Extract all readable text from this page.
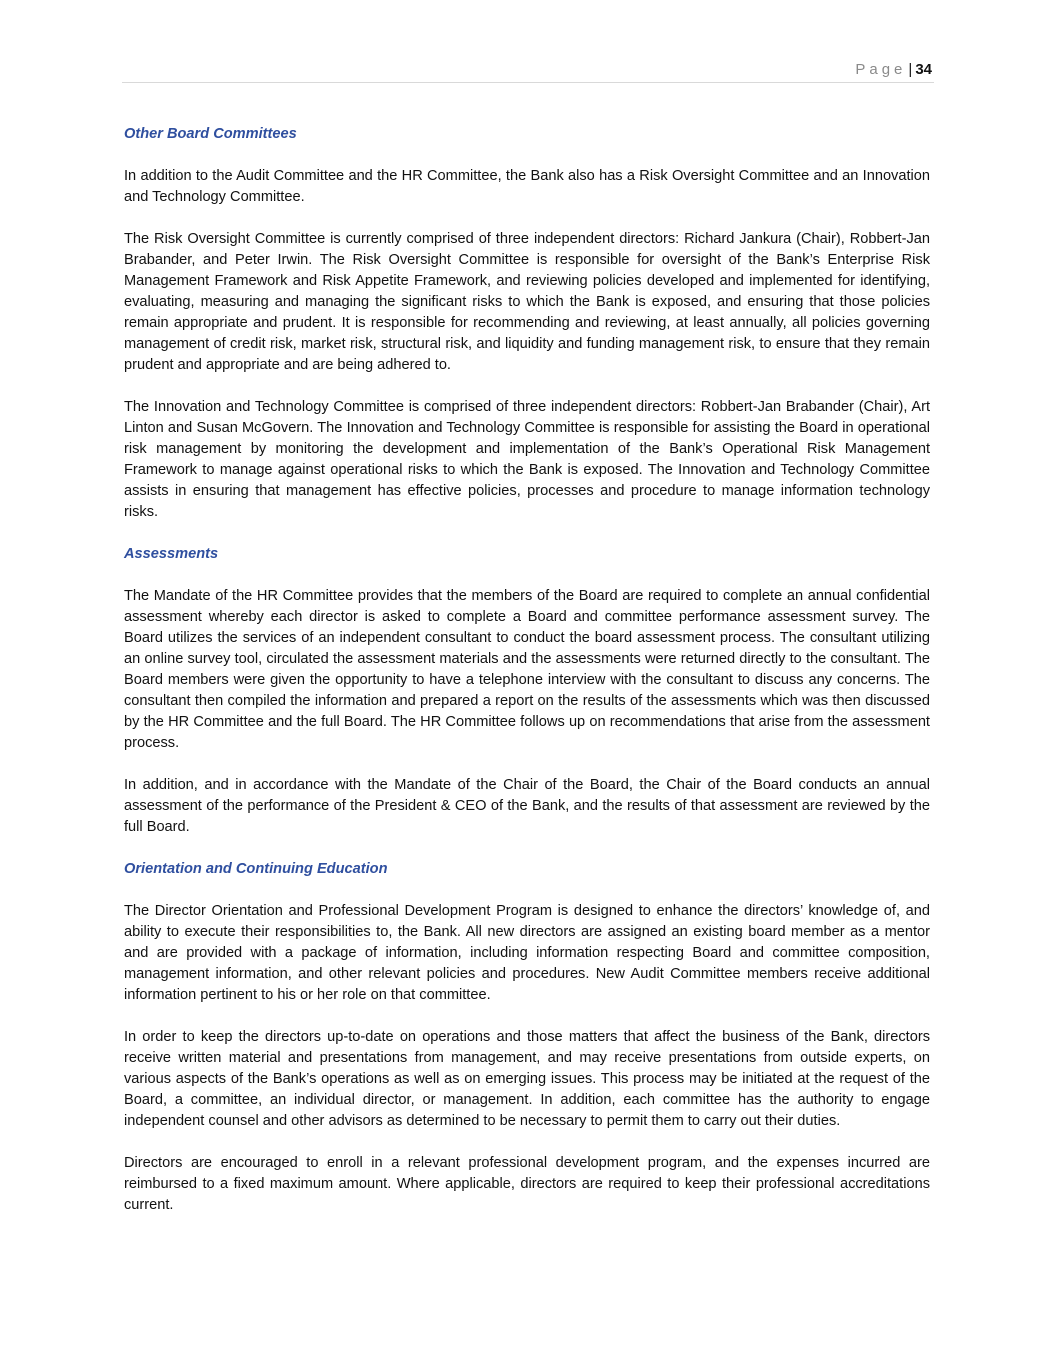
Page | 34
Other Board Committees

In addition to the Audit Committee and the HR Committee, the Bank also has a Risk Oversight Committee and an Innovation and Technology Committee.

The Risk Oversight Committee is currently comprised of three independent directors: Richard Jankura (Chair), Robbert-Jan Brabander, and Peter Irwin. The Risk Oversight Committee is responsible for oversight of the Bank’s Enterprise Risk Management Framework and Risk Appetite Framework, and reviewing policies developed and implemented for identifying, evaluating, measuring and managing the significant risks to which the Bank is exposed, and ensuring that those policies remain appropriate and prudent. It is responsible for recommending and reviewing, at least annually, all policies governing management of credit risk, market risk, structural risk, and liquidity and funding management risk, to ensure that they remain prudent and appropriate and are being adhered to.

The Innovation and Technology Committee is comprised of three independent directors: Robbert-Jan Brabander (Chair), Art Linton and Susan McGovern. The Innovation and Technology Committee is responsible for assisting the Board in operational risk management by monitoring the development and implementation of the Bank’s Operational Risk Management Framework to manage against operational risks to which the Bank is exposed. The Innovation and Technology Committee assists in ensuring that management has effective policies, processes and procedure to manage information technology risks.

Assessments

The Mandate of the HR Committee provides that the members of the Board are required to complete an annual confidential assessment whereby each director is asked to complete a Board and committee performance assessment survey. The Board utilizes the services of an independent consultant to conduct the board assessment process. The consultant utilizing an online survey tool, circulated the assessment materials and the assessments were returned directly to the consultant. The Board members were given the opportunity to have a telephone interview with the consultant to discuss any concerns. The consultant then compiled the information and prepared a report on the results of the assessments which was then discussed by the HR Committee and the full Board. The HR Committee follows up on recommendations that arise from the assessment process.

In addition, and in accordance with the Mandate of the Chair of the Board, the Chair of the Board conducts an annual assessment of the performance of the President & CEO of the Bank, and the results of that assessment are reviewed by the full Board.

Orientation and Continuing Education

The Director Orientation and Professional Development Program is designed to enhance the directors’ knowledge of, and ability to execute their responsibilities to, the Bank. All new directors are assigned an existing board member as a mentor and are provided with a package of information, including information respecting Board and committee composition, management information, and other relevant policies and procedures. New Audit Committee members receive additional information pertinent to his or her role on that committee.

In order to keep the directors up-to-date on operations and those matters that affect the business of the Bank, directors receive written material and presentations from management, and may receive presentations from outside experts, on various aspects of the Bank’s operations as well as on emerging issues. This process may be initiated at the request of the Board, a committee, an individual director, or management. In addition, each committee has the authority to engage independent counsel and other advisors as determined to be necessary to permit them to carry out their duties.

Directors are encouraged to enroll in a relevant professional development program, and the expenses incurred are reimbursed to a fixed maximum amount. Where applicable, directors are required to keep their professional accreditations current.
